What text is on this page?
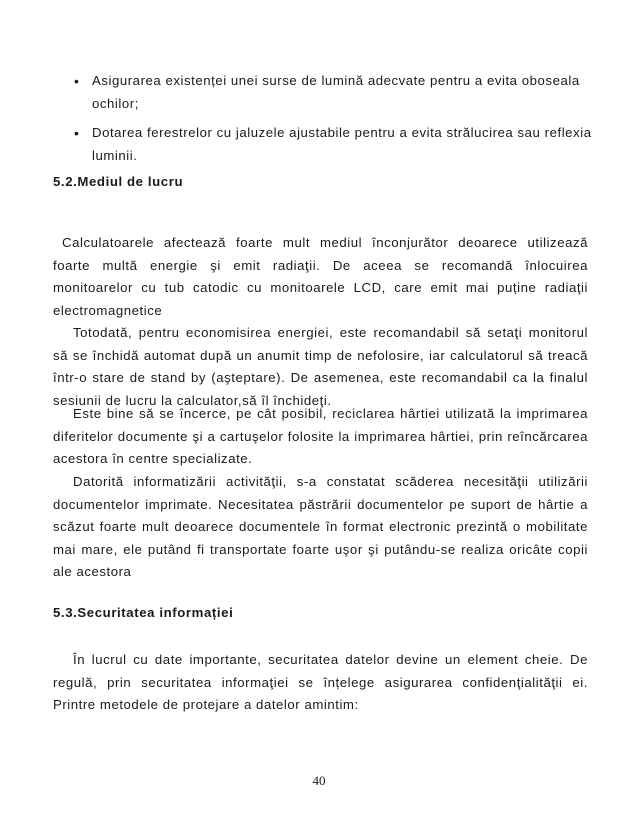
• Asigurarea existenței unei surse de lumină adecvate pentru a evita oboseala ochilor;
• Dotarea ferestrelor cu jaluzele ajustabile pentru a evita strălucirea sau reflexia luminii.
5.2.Mediul de lucru

Calculatoarele afectează foarte mult mediul înconjurător deoarece utilizează foarte multă energie şi emit radiaţii. De aceea se recomandă înlocuirea monitoarelor cu tub catodic cu monitoarele LCD, care emit mai puține radiaţii electromagnetice

Totodată, pentru economisirea energiei, este recomandabil să setaţi monitorul să se închidă automat după un anumit timp de nefolosire, iar calculatorul să treacă într-o stare de stand by (aşteptare). De asemenea, este recomandabil ca la finalul sesiunii de lucru la calculator,să îl închideţi.

Este bine să se încerce, pe cât posibil, reciclarea hârtiei utilizată la imprimarea diferitelor documente şi a cartuşelor folosite la imprimarea hârtiei, prin reîncărcarea acestora în centre specializate.

Datorită informatizării activităţii, s-a constatat scăderea necesităţii utilizării documentelor imprimate. Necesitatea păstrării documentelor pe suport de hârtie a scăzut foarte mult deoarece documentele în format electronic prezintă o mobilitate mai mare, ele putând fi transportate foarte uşor şi putându-se realiza oricâte copii ale acestora

5.3.Securitatea informației

În lucrul cu date importante, securitatea datelor devine un element cheie. De regulă, prin securitatea informaţiei se înțelege asigurarea confidenţialităţii ei. Printre metodele de protejare a datelor amintim:

40
